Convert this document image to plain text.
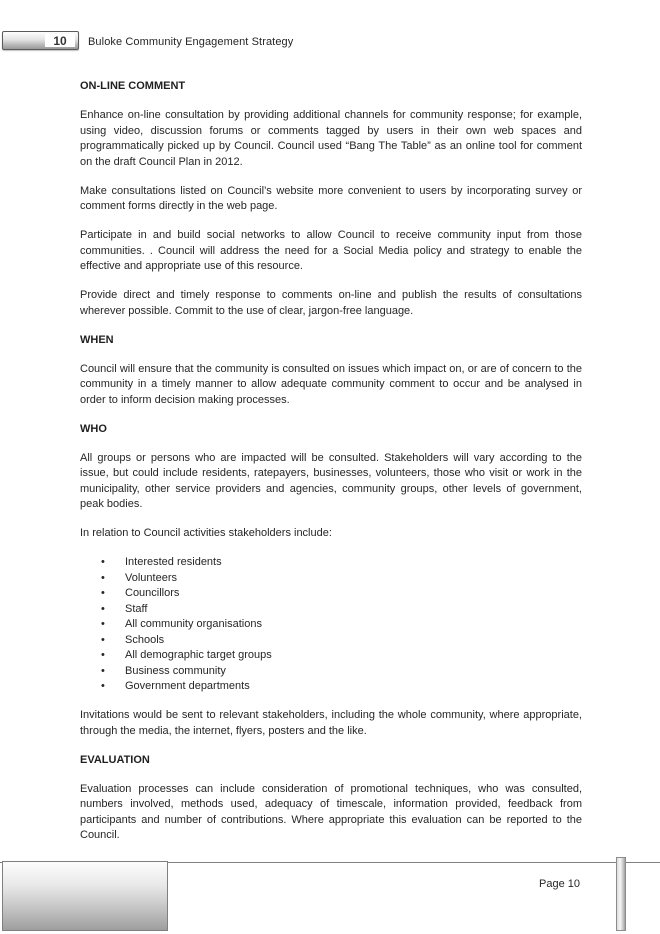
10 Buloke Community Engagement Strategy
ON-LINE COMMENT

Enhance on-line consultation by providing additional channels for community response; for example, using video, discussion forums or comments tagged by users in their own web spaces and programmatically picked up by Council. Council used “Bang The Table” as an online tool for comment on the draft Council Plan in 2012.

Make consultations listed on Council’s website more convenient to users by incorporating survey or comment forms directly in the web page.

Participate in and build social networks to allow Council to receive community input from those communities. . Council will address the need for a Social Media policy and strategy to enable the effective and appropriate use of this resource.

Provide direct and timely response to comments on-line and publish the results of consultations wherever possible. Commit to the use of clear, jargon-free language.

WHEN

Council will ensure that the community is consulted on issues which impact on, or are of concern to the community in a timely manner to allow adequate community comment to occur and be analysed in order to inform decision making processes.

WHO

All groups or persons who are impacted will be consulted. Stakeholders will vary according to the issue, but could include residents, ratepayers, businesses, volunteers, those who visit or work in the municipality, other service providers and agencies, community groups, other levels of government, peak bodies.

In relation to Council activities stakeholders include:

• Interested residents
• Volunteers
• Councillors
• Staff
• All community organisations
• Schools
• All demographic target groups
• Business community
• Government departments

Invitations would be sent to relevant stakeholders, including the whole community, where appropriate, through the media, the internet, flyers, posters and the like.

EVALUATION

Evaluation processes can include consideration of promotional techniques, who was consulted, numbers involved, methods used, adequacy of timescale, information provided, feedback from participants and number of contributions. Where appropriate this evaluation can be reported to the Council.

Page 10
